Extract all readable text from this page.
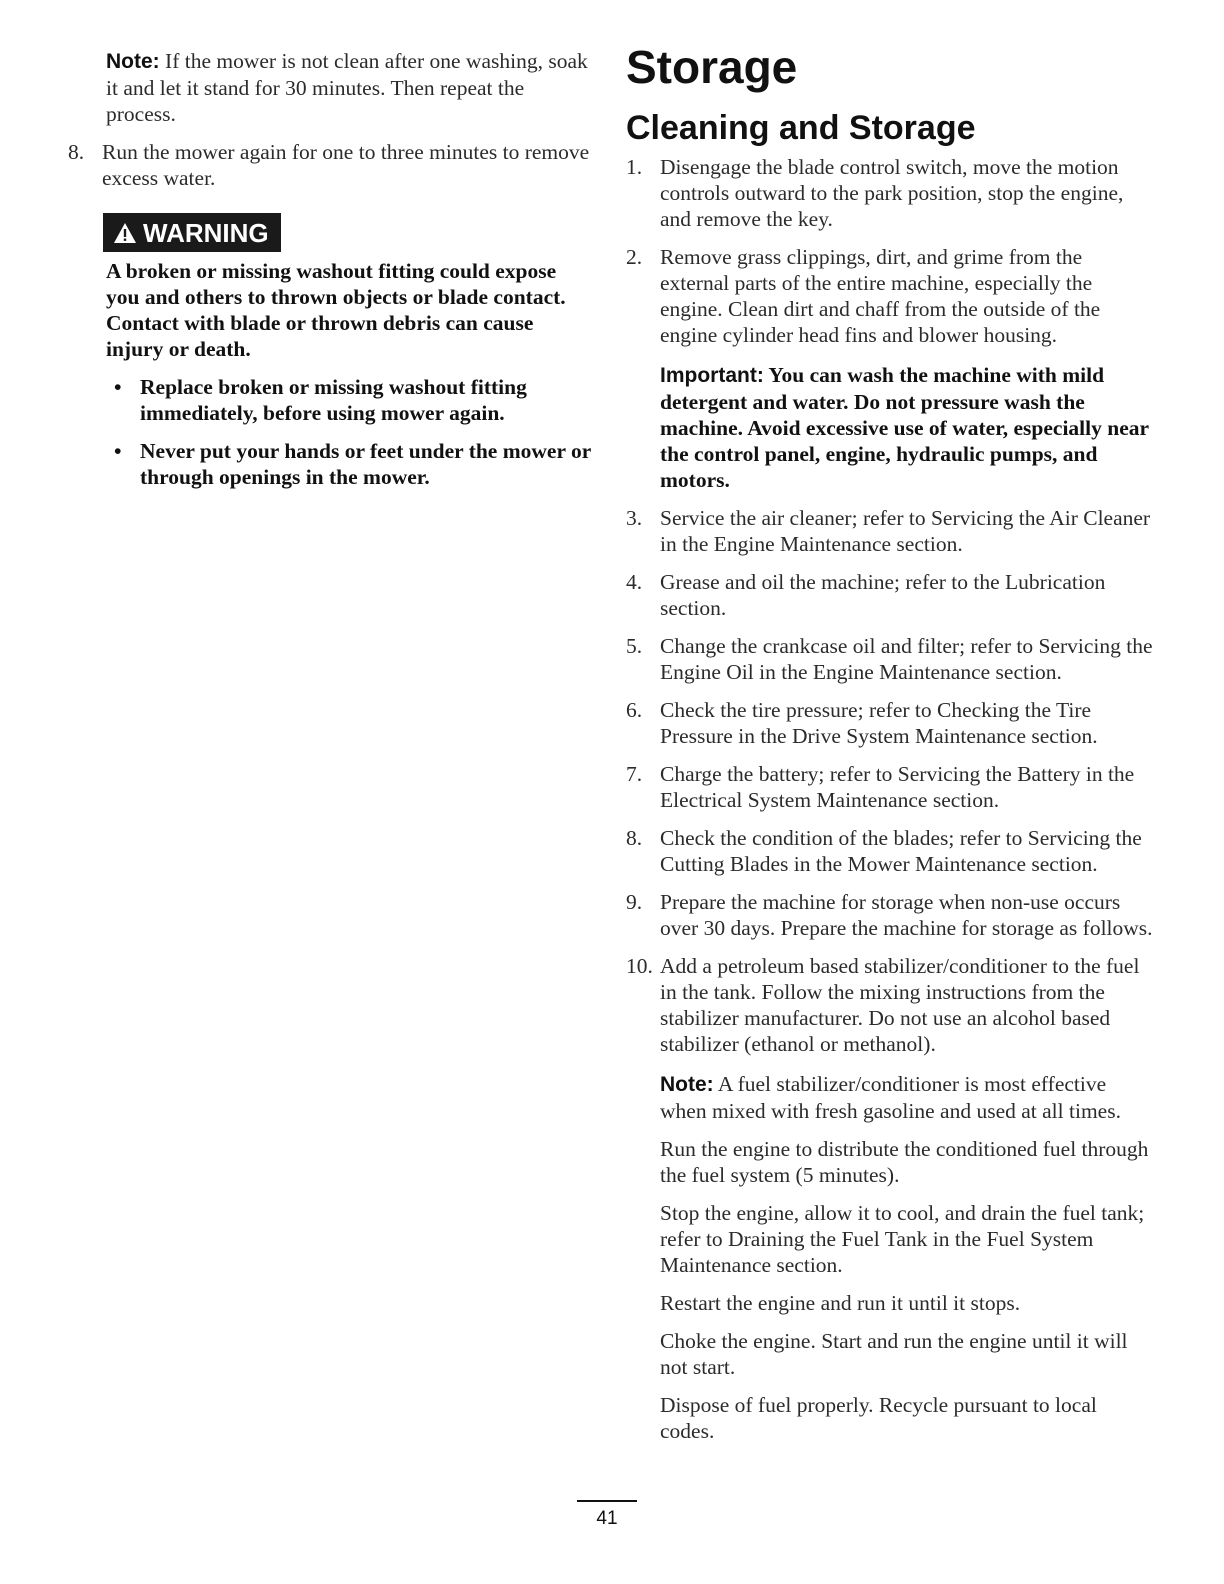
Note: If the mower is not clean after one washing, soak it and let it stand for 30 minutes. Then repeat the process.

8. Run the mower again for one to three minutes to remove excess water.
WARNING

A broken or missing washout fitting could expose you and others to thrown objects or blade contact. Contact with blade or thrown debris can cause injury or death.

• Replace broken or missing washout fitting immediately, before using mower again.
• Never put your hands or feet under the mower or through openings in the mower.
Storage
Cleaning and Storage
1. Disengage the blade control switch, move the motion controls outward to the park position, stop the engine, and remove the key.
2. Remove grass clippings, dirt, and grime from the external parts of the entire machine, especially the engine. Clean dirt and chaff from the outside of the engine cylinder head fins and blower housing.

Important: You can wash the machine with mild detergent and water. Do not pressure wash the machine. Avoid excessive use of water, especially near the control panel, engine, hydraulic pumps, and motors.

3. Service the air cleaner; refer to Servicing the Air Cleaner in the Engine Maintenance section.
4. Grease and oil the machine; refer to the Lubrication section.
5. Change the crankcase oil and filter; refer to Servicing the Engine Oil in the Engine Maintenance section.
6. Check the tire pressure; refer to Checking the Tire Pressure in the Drive System Maintenance section.
7. Charge the battery; refer to Servicing the Battery in the Electrical System Maintenance section.
8. Check the condition of the blades; refer to Servicing the Cutting Blades in the Mower Maintenance section.
9. Prepare the machine for storage when non-use occurs over 30 days. Prepare the machine for storage as follows.
10. Add a petroleum based stabilizer/conditioner to the fuel in the tank. Follow the mixing instructions from the stabilizer manufacturer. Do not use an alcohol based stabilizer (ethanol or methanol).

Note: A fuel stabilizer/conditioner is most effective when mixed with fresh gasoline and used at all times.

Run the engine to distribute the conditioned fuel through the fuel system (5 minutes).

Stop the engine, allow it to cool, and drain the fuel tank; refer to Draining the Fuel Tank in the Fuel System Maintenance section.

Restart the engine and run it until it stops.

Choke the engine. Start and run the engine until it will not start.

Dispose of fuel properly. Recycle pursuant to local codes.

41
